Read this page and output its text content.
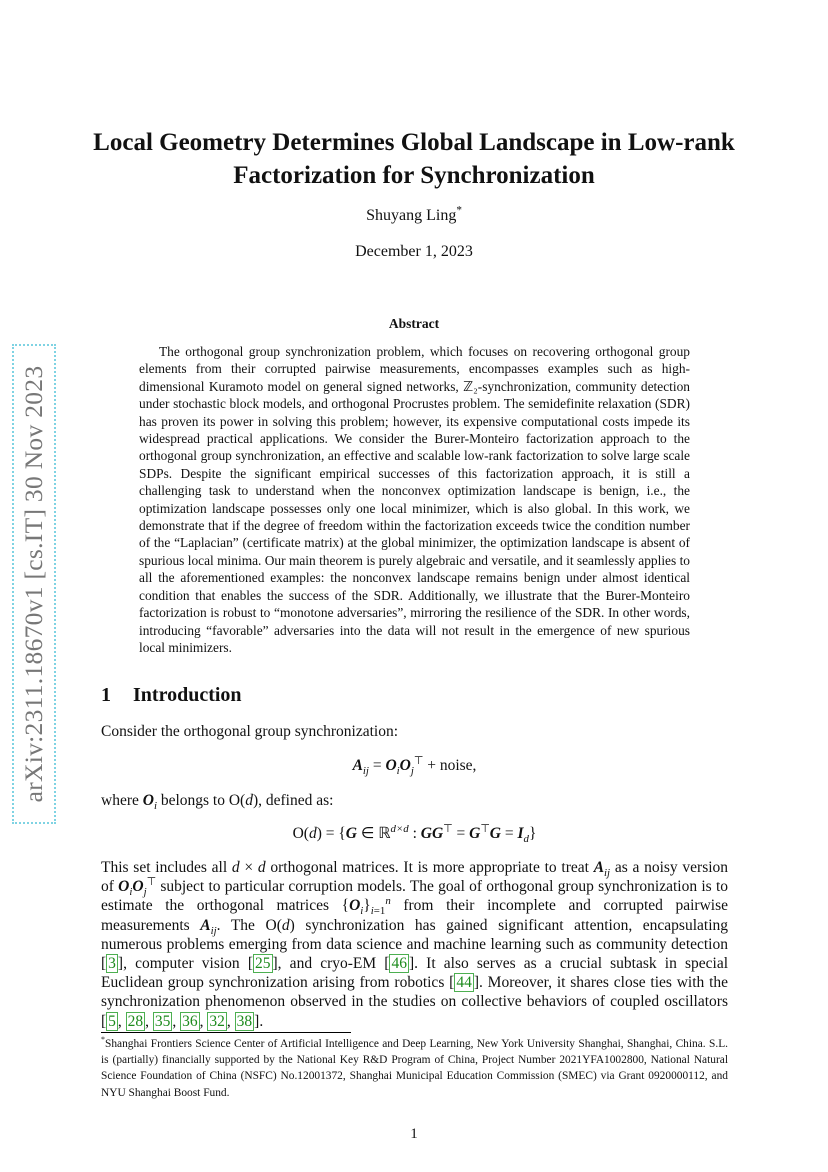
arXiv:2311.18670v1 [cs.IT] 30 Nov 2023
Local Geometry Determines Global Landscape in Low-rank Factorization for Synchronization
Shuyang Ling*
December 1, 2023
Abstract
The orthogonal group synchronization problem, which focuses on recovering orthogonal group elements from their corrupted pairwise measurements, encompasses examples such as high-dimensional Kuramoto model on general signed networks, ℤ₂-synchronization, community detection under stochastic block models, and orthogonal Procrustes problem. The semidefinite relaxation (SDR) has proven its power in solving this problem; however, its expensive computational costs impede its widespread practical applications. We consider the Burer-Monteiro factorization approach to the orthogonal group synchronization, an effective and scalable low-rank factorization to solve large scale SDPs. Despite the significant empirical successes of this factorization approach, it is still a challenging task to understand when the nonconvex optimization landscape is benign, i.e., the optimization landscape possesses only one local minimizer, which is also global. In this work, we demonstrate that if the degree of freedom within the factorization exceeds twice the condition number of the “Laplacian” (certificate matrix) at the global minimizer, the optimization landscape is absent of spurious local minima. Our main theorem is purely algebraic and versatile, and it seamlessly applies to all the aforementioned examples: the nonconvex landscape remains benign under almost identical condition that enables the success of the SDR. Additionally, we illustrate that the Burer-Monteiro factorization is robust to “monotone adversaries”, mirroring the resilience of the SDR. In other words, introducing “favorable” adversaries into the data will not result in the emergence of new spurious local minimizers.
1 Introduction
Consider the orthogonal group synchronization:
$A_{ij} = O_iO_j^⊤$ + noise,
where $O_i$ belongs to O(d), defined as:
O(d) = {G ∈ ℝ$^{d\times d}$ : $GG^⊤ = G^⊤G = I_d$}
This set includes all d × d orthogonal matrices. It is more appropriate to treat $A_{ij}$ as a noisy version of $O_iO_j^⊤$ subject to particular corruption models. The goal of orthogonal group synchronization is to estimate the orthogonal matrices $\{O_i\}_{i=1}^n$ from their incomplete and corrupted pairwise measurements $A_{ij}$. The O(d) synchronization has gained significant attention, encapsulating numerous problems emerging from data science and machine learning such as community detection [ 3 ], computer vision [ 25 ], and cryo-EM [ 46 ]. It also serves as a crucial subtask in special Euclidean group synchronization arising from robotics [ 44 ]. Moreover, it shares close ties with the synchronization phenomenon observed in the studies on collective behaviors of coupled oscillators [ 5 , 28 , 35 , 36 , 32 , 38 ].
*Shanghai Frontiers Science Center of Artificial Intelligence and Deep Learning, New York University Shanghai, Shanghai, China. S.L. is (partially) financially supported by the National Key R&D Program of China, Project Number 2021YFA1002800, National Natural Science Foundation of China (NSFC) No.12001372, Shanghai Municipal Education Commission (SMEC) via Grant 0920000112, and NYU Shanghai Boost Fund.
1
